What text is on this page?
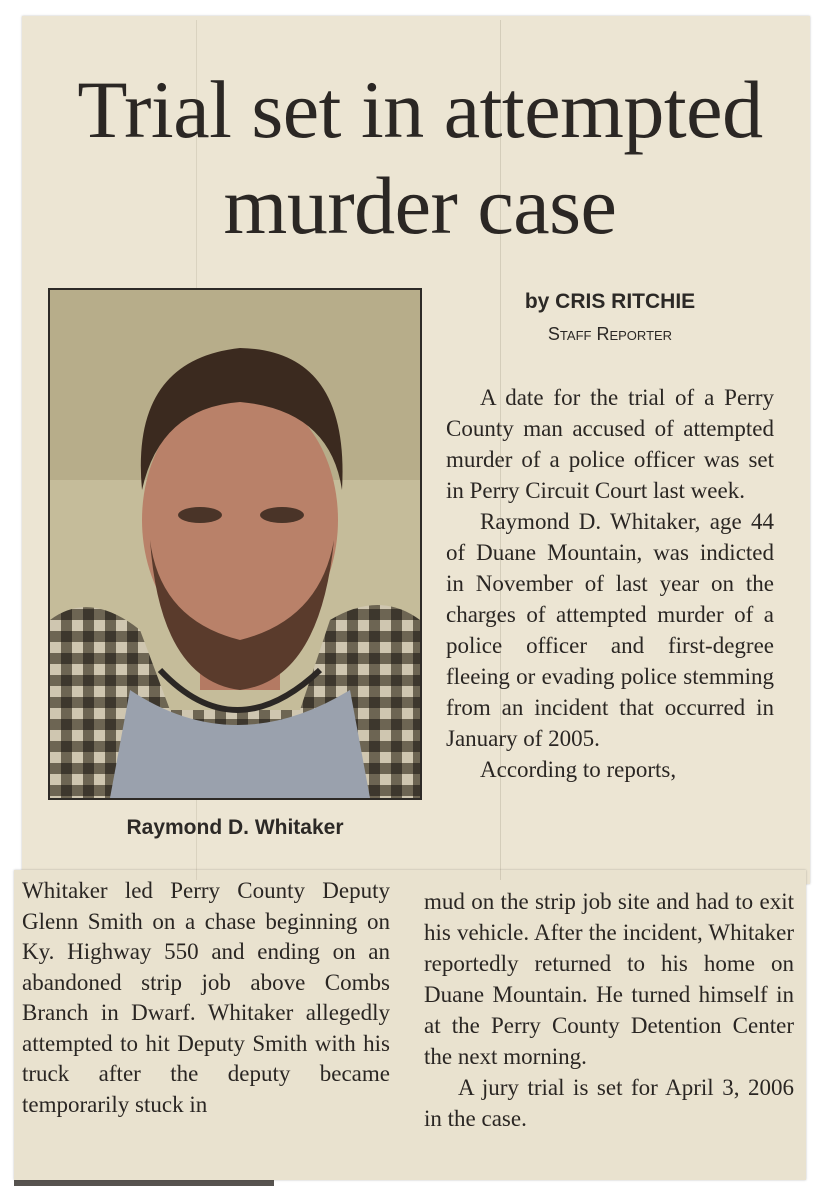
Trial set in attempted
murder case

Raymond D. Whitaker

by CRIS RITCHIE

Staff Reporter

A date for the trial of a Perry County man accused of attempted murder of a police officer was set in Perry Circuit Court last week.

Raymond D. Whitaker, age 44 of Duane Mountain, was indicted in November of last year on the charges of attempted murder of a police officer and first-degree fleeing or evading police stemming from an incident that occurred in January of 2005.

According to reports,

Whitaker led Perry County Deputy Glenn Smith on a chase beginning on Ky. Highway 550 and ending on an abandoned strip job above Combs Branch in Dwarf. Whitaker allegedly attempted to hit Deputy Smith with his truck after the deputy became temporarily stuck in

mud on the strip job site and had to exit his vehicle. After the incident, Whitaker reportedly returned to his home on Duane Mountain. He turned himself in at the Perry County Detention Center the next morning.

A jury trial is set for April 3, 2006 in the case.
